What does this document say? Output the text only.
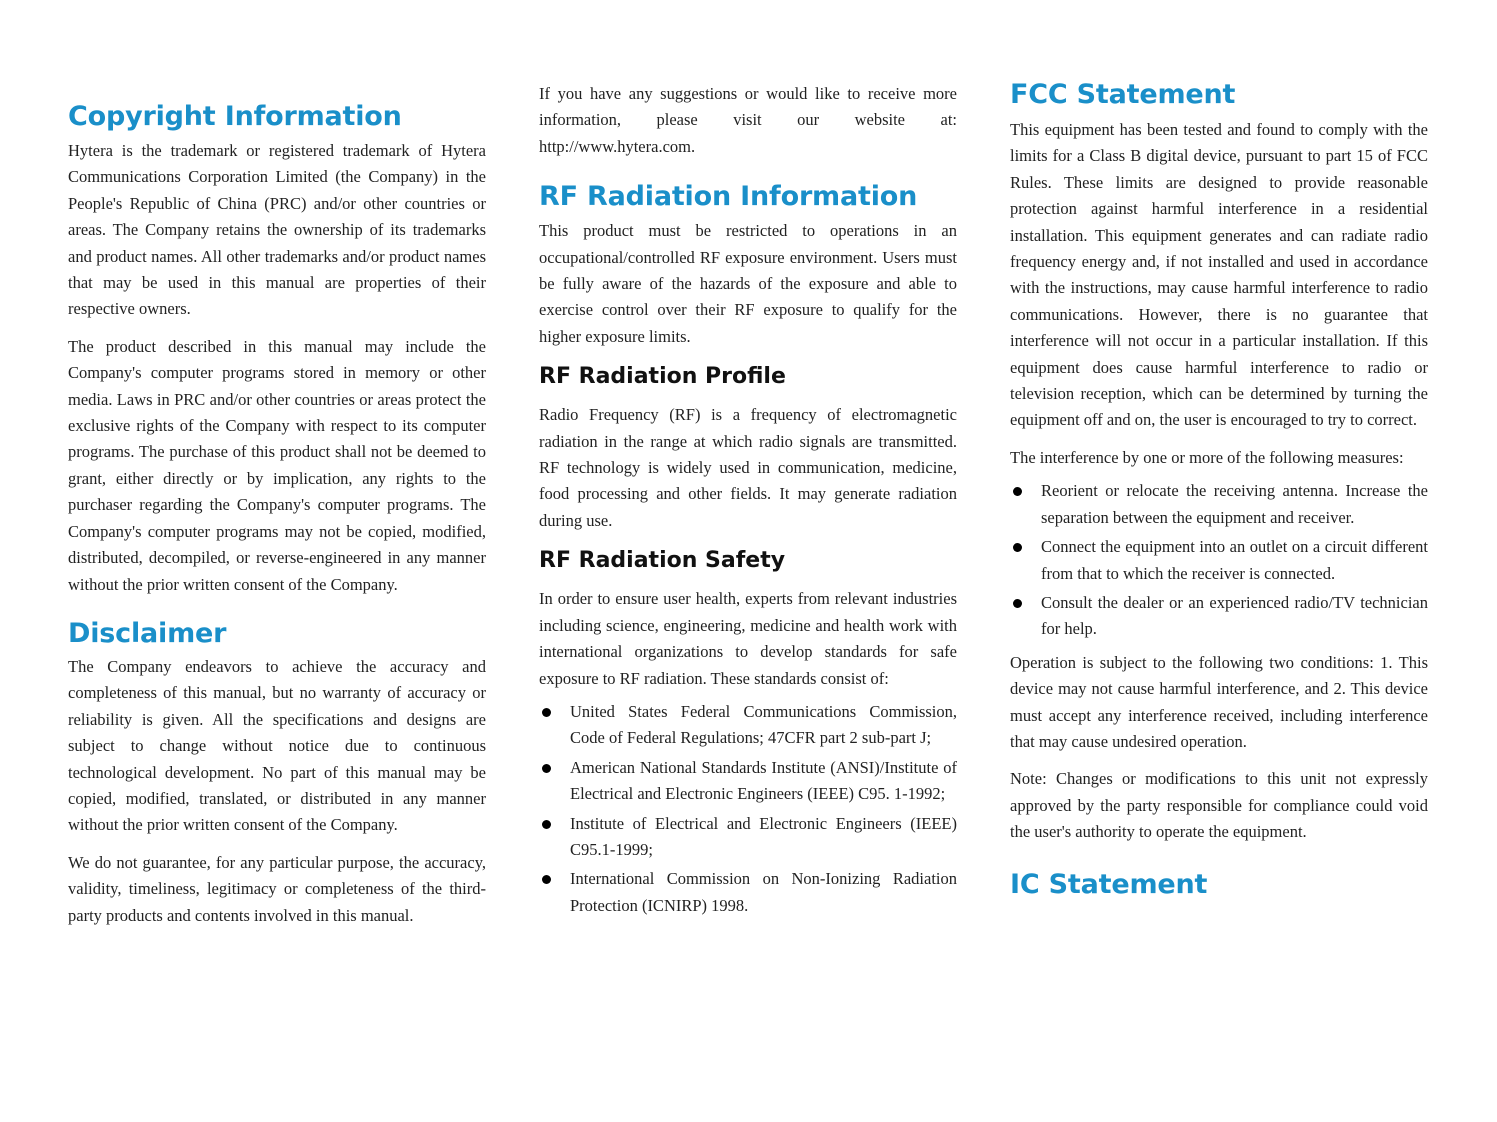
Copyright Information

Hytera is the trademark or registered trademark of Hytera Communications Corporation Limited (the Company) in the People's Republic of China (PRC) and/or other countries or areas. The Company retains the ownership of its trademarks and product names. All other trademarks and/or product names that may be used in this manual are properties of their respective owners.

The product described in this manual may include the Company's computer programs stored in memory or other media. Laws in PRC and/or other countries or areas protect the exclusive rights of the Company with respect to its computer programs. The purchase of this product shall not be deemed to grant, either directly or by implication, any rights to the purchaser regarding the Company's computer programs. The Company's computer programs may not be copied, modified, distributed, decompiled, or reverse-engineered in any manner without the prior written consent of the Company.

Disclaimer

The Company endeavors to achieve the accuracy and completeness of this manual, but no warranty of accuracy or reliability is given. All the specifications and designs are subject to change without notice due to continuous technological development. No part of this manual may be copied, modified, translated, or distributed in any manner without the prior written consent of the Company.

We do not guarantee, for any particular purpose, the accuracy, validity, timeliness, legitimacy or completeness of the third-party products and contents involved in this manual.

If you have any suggestions or would like to receive more information, please visit our website at: http://www.hytera.com.

RF Radiation Information

This product must be restricted to operations in an occupational/controlled RF exposure environment. Users must be fully aware of the hazards of the exposure and able to exercise control over their RF exposure to qualify for the higher exposure limits.

RF Radiation Profile

Radio Frequency (RF) is a frequency of electromagnetic radiation in the range at which radio signals are transmitted. RF technology is widely used in communication, medicine, food processing and other fields. It may generate radiation during use.

RF Radiation Safety

In order to ensure user health, experts from relevant industries including science, engineering, medicine and health work with international organizations to develop standards for safe exposure to RF radiation. These standards consist of:

United States Federal Communications Commission, Code of Federal Regulations; 47CFR part 2 sub-part J;
American National Standards Institute (ANSI)/Institute of Electrical and Electronic Engineers (IEEE) C95. 1-1992;
Institute of Electrical and Electronic Engineers (IEEE) C95.1-1999;
International Commission on Non-Ionizing Radiation Protection (ICNIRP) 1998.
FCC Statement

This equipment has been tested and found to comply with the limits for a Class B digital device, pursuant to part 15 of FCC Rules. These limits are designed to provide reasonable protection against harmful interference in a residential installation. This equipment generates and can radiate radio frequency energy and, if not installed and used in accordance with the instructions, may cause harmful interference to radio communications. However, there is no guarantee that interference will not occur in a particular installation. If this equipment does cause harmful interference to radio or television reception, which can be determined by turning the equipment off and on, the user is encouraged to try to correct.

The interference by one or more of the following measures:

Reorient or relocate the receiving antenna. Increase the separation between the equipment and receiver.
Connect the equipment into an outlet on a circuit different from that to which the receiver is connected.
Consult the dealer or an experienced radio/TV technician for help.

Operation is subject to the following two conditions: 1. This device may not cause harmful interference, and 2. This device must accept any interference received, including interference that may cause undesired operation.

Note: Changes or modifications to this unit not expressly approved by the party responsible for compliance could void the user's authority to operate the equipment.

IC Statement
